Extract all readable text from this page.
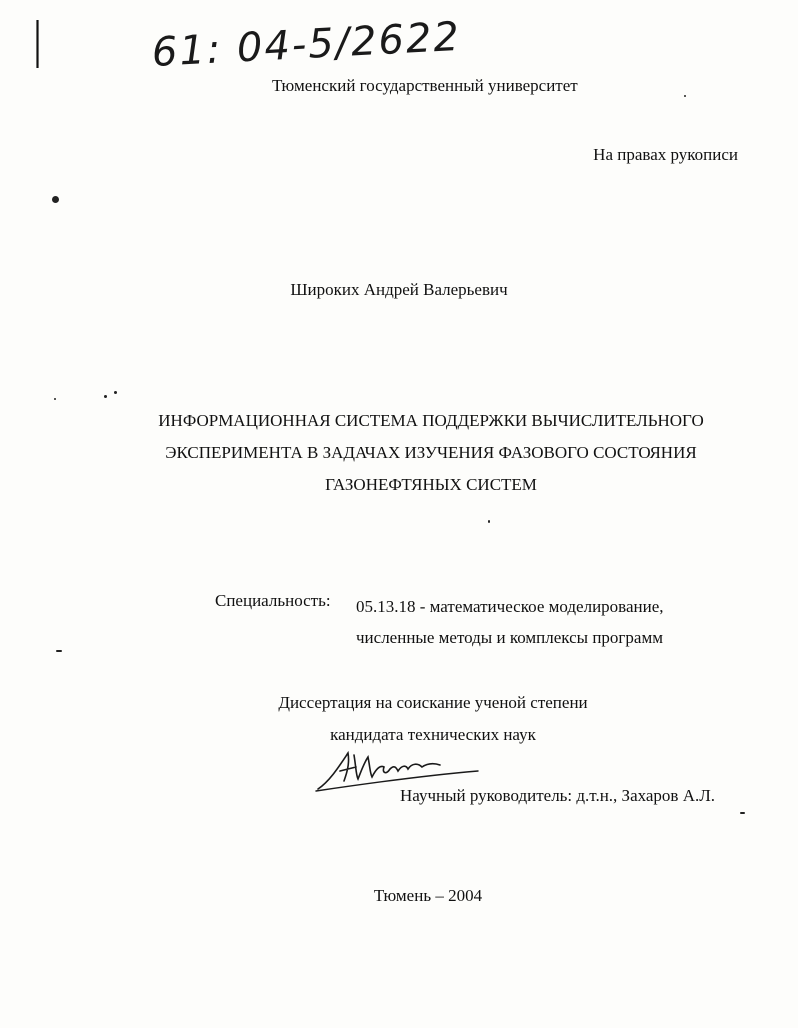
61: 04-5/2622
Тюменский государственный университет
На правах рукописи
Широких Андрей Валерьевич
ИНФОРМАЦИОННАЯ СИСТЕМА ПОДДЕРЖКИ ВЫЧИСЛИТЕЛЬНОГО
ЭКСПЕРИМЕНТА В ЗАДАЧАХ ИЗУЧЕНИЯ ФАЗОВОГО СОСТОЯНИЯ
ГАЗОНЕФТЯНЫХ СИСТЕМ
Специальность: 05.13.18 - математическое моделирование,
численные методы и комплексы программ
Диссертация на соискание ученой степени
кандидата технических наук
Научный руководитель: д.т.н., Захаров А.Л.
Тюмень – 2004
